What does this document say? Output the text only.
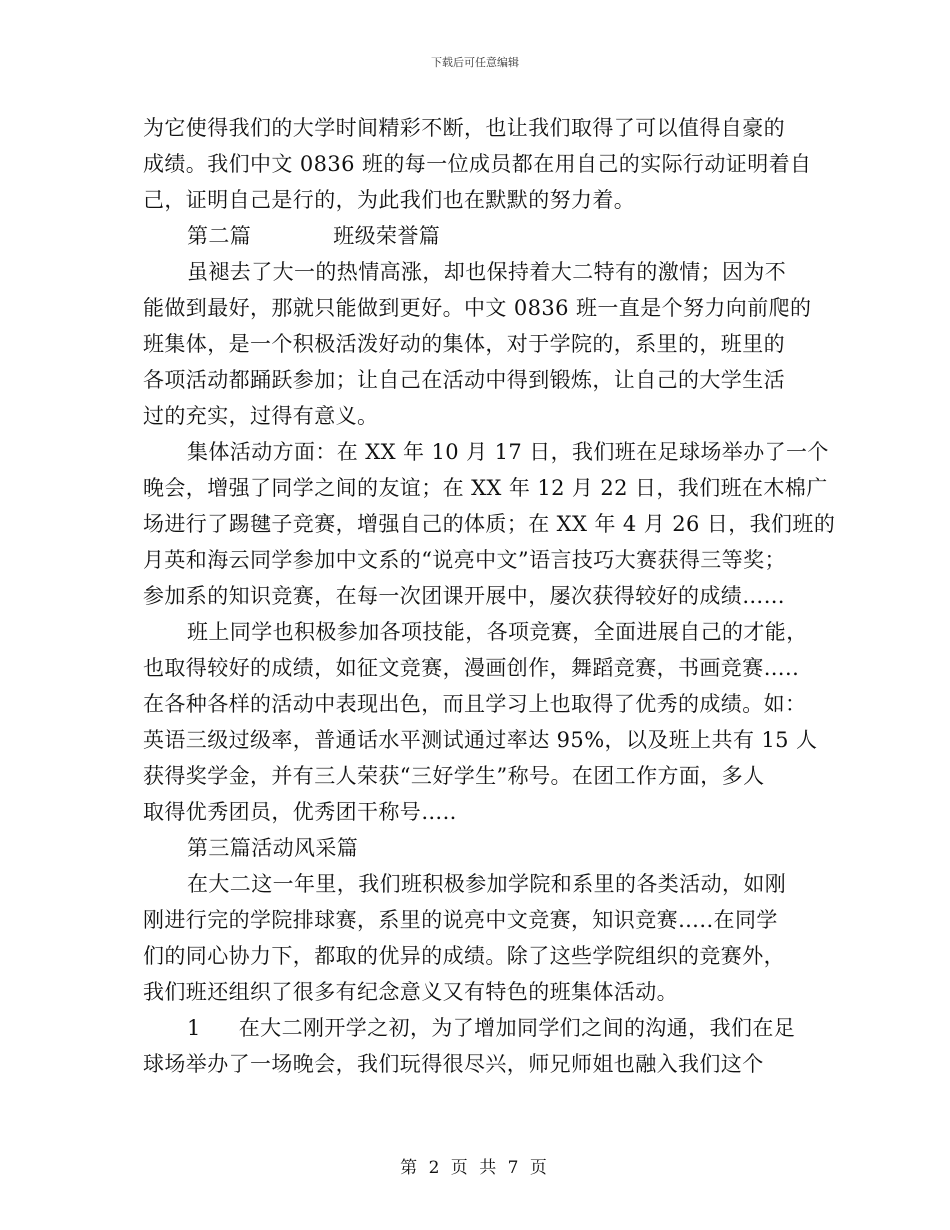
下载后可任意编辑
为它使得我们的大学时间精彩不断，也让我们取得了可以值得自豪的
成绩。我们中文 0836 班的每一位成员都在用自己的实际行动证明着自
己，证明自己是行的，为此我们也在默默的努力着。
第二篇	班级荣誉篇
虽褪去了大一的热情高涨，却也保持着大二特有的激情；因为不
能做到最好，那就只能做到更好。中文 0836 班一直是个努力向前爬的
班集体，是一个积极活泼好动的集体，对于学院的，系里的，班里的
各项活动都踊跃参加；让自己在活动中得到锻炼，让自己的大学生活
过的充实，过得有意义。
集体活动方面：在 XX 年 10 月 17 日，我们班在足球场举办了一个
晚会，增强了同学之间的友谊；在 XX 年 12 月 22 日，我们班在木棉广
场进行了踢毽子竞赛，增强自己的体质；在 XX 年 4 月 26 日，我们班的
月英和海云同学参加中文系的“说亮中文”语言技巧大赛获得三等奖；
参加系的知识竞赛，在每一次团课开展中，屡次获得较好的成绩……
班上同学也积极参加各项技能，各项竞赛，全面进展自己的才能，
也取得较好的成绩，如征文竞赛，漫画创作，舞蹈竞赛，书画竞赛…..
在各种各样的活动中表现出色，而且学习上也取得了优秀的成绩。如：
英语三级过级率，普通话水平测试通过率达 95%，以及班上共有 15 人
获得奖学金，并有三人荣获“三好学生”称号。在团工作方面，多人
取得优秀团员，优秀团干称号…..
第三篇活动风采篇
在大二这一年里，我们班积极参加学院和系里的各类活动，如刚
刚进行完的学院排球赛，系里的说亮中文竞赛，知识竞赛…..在同学
们的同心协力下，都取的优异的成绩。除了这些学院组织的竞赛外，
我们班还组织了很多有纪念意义又有特色的班集体活动。
1 在大二刚开学之初，为了增加同学们之间的沟通，我们在足
球场举办了一场晚会，我们玩得很尽兴，师兄师姐也融入我们这个
第 2 页 共 7 页
